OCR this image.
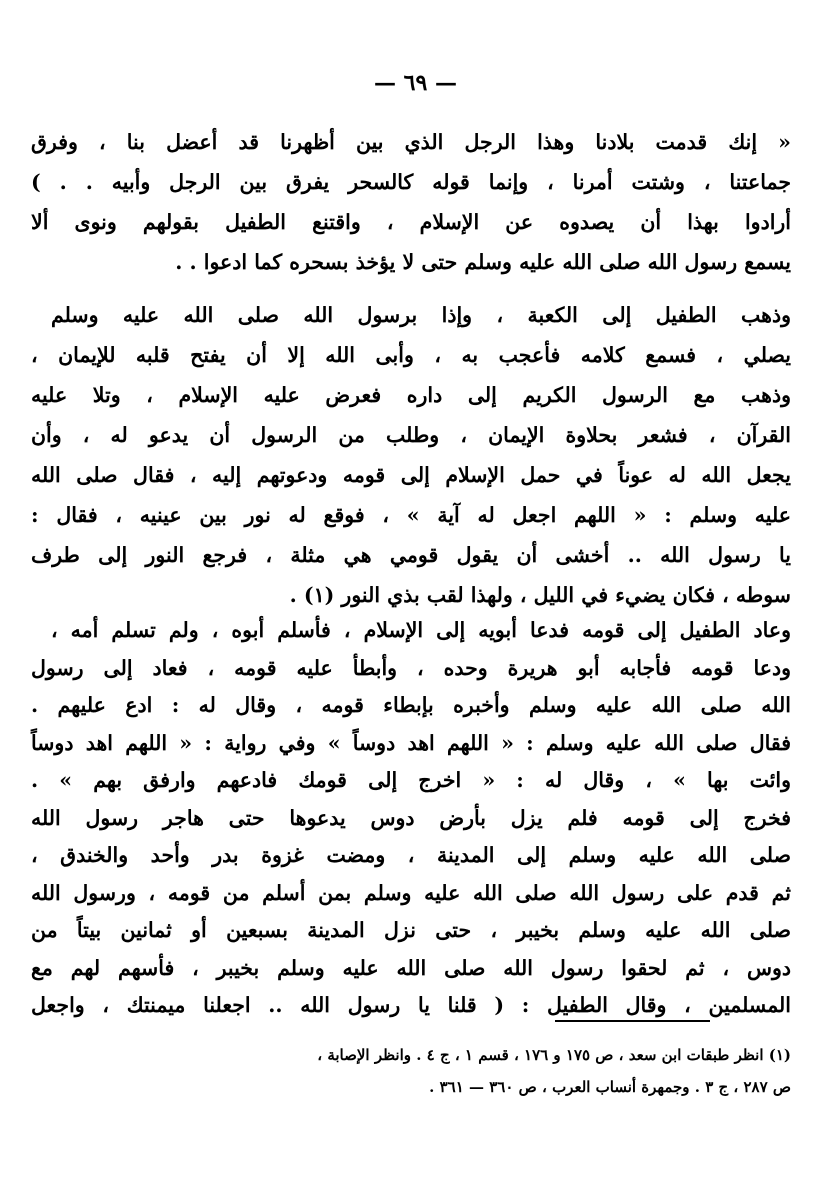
— ٦٩ —
« إنك قدمت بلادنا وهذا الرجل الذي بين أظهرنا قد أعضل بنا ، وفرق
جماعتنا ، وشتت أمرنا ، وإنما قوله كالسحر يفرق بين الرجل وأبيه . . )
أرادوا بهذا أن يصدوه عن الإسلام ، واقتنع الطفيل بقولهم ونوى ألا
يسمع رسول الله صلى الله عليه وسلم حتى لا يؤخذ بسحره كما ادعوا . .
وذهب الطفيل إلى الكعبة ، وإذا برسول الله صلى الله عليه وسلم
يصلي ، فسمع كلامه فأعجب به ، وأبى الله إلا أن يفتح قلبه للإيمان ،
وذهب مع الرسول الكريم إلى داره فعرض عليه الإسلام ، وتلا عليه
القرآن ، فشعر بحلاوة الإيمان ، وطلب من الرسول أن يدعو له ، وأن
يجعل الله له عوناً في حمل الإسلام إلى قومه ودعوتهم إليه ، فقال صلى الله
عليه وسلم : « اللهم اجعل له آية » ، فوقع له نور بين عينيه ، فقال :
يا رسول الله .. أخشى أن يقول قومي هي مثلة ، فرجع النور إلى طرف
سوطه ، فكان يضيء في الليل ، ولهذا لقب بذي النور (١) .
وعاد الطفيل إلى قومه فدعا أبويه إلى الإسلام ، فأسلم أبوه ، ولم تسلم أمه ،
ودعا قومه فأجابه أبو هريرة وحده ، وأبطأ عليه قومه ، فعاد إلى رسول
الله صلى الله عليه وسلم وأخبره بإبطاء قومه ، وقال له : ادع عليهم .
فقال صلى الله عليه وسلم : « اللهم اهد دوساً » وفي رواية : « اللهم اهد دوساً
وائت بها » ، وقال له : « اخرج إلى قومك فادعهم وارفق بهم » .
فخرج إلى قومه فلم يزل بأرض دوس يدعوها حتى هاجر رسول الله
صلى الله عليه وسلم إلى المدينة ، ومضت غزوة بدر وأحد والخندق ،
ثم قدم على رسول الله صلى الله عليه وسلم بمن أسلم من قومه ، ورسول الله
صلى الله عليه وسلم بخيبر ، حتى نزل المدينة بسبعين أو ثمانين بيتاً من
دوس ، ثم لحقوا رسول الله صلى الله عليه وسلم بخيبر ، فأسهم لهم مع
المسلمين ، وقال الطفيل : ( قلنا يا رسول الله .. اجعلنا ميمنتك ، واجعل
(١) انظر طبقات ابن سعد ، ص ١٧٥ و ١٧٦ ، قسم ١ ، ج ٤ . وانظر الإصابة ،
ص ٢٨٧ ، ج ٣ . وجمهرة أنساب العرب ، ص ٣٦٠ — ٣٦١ .
